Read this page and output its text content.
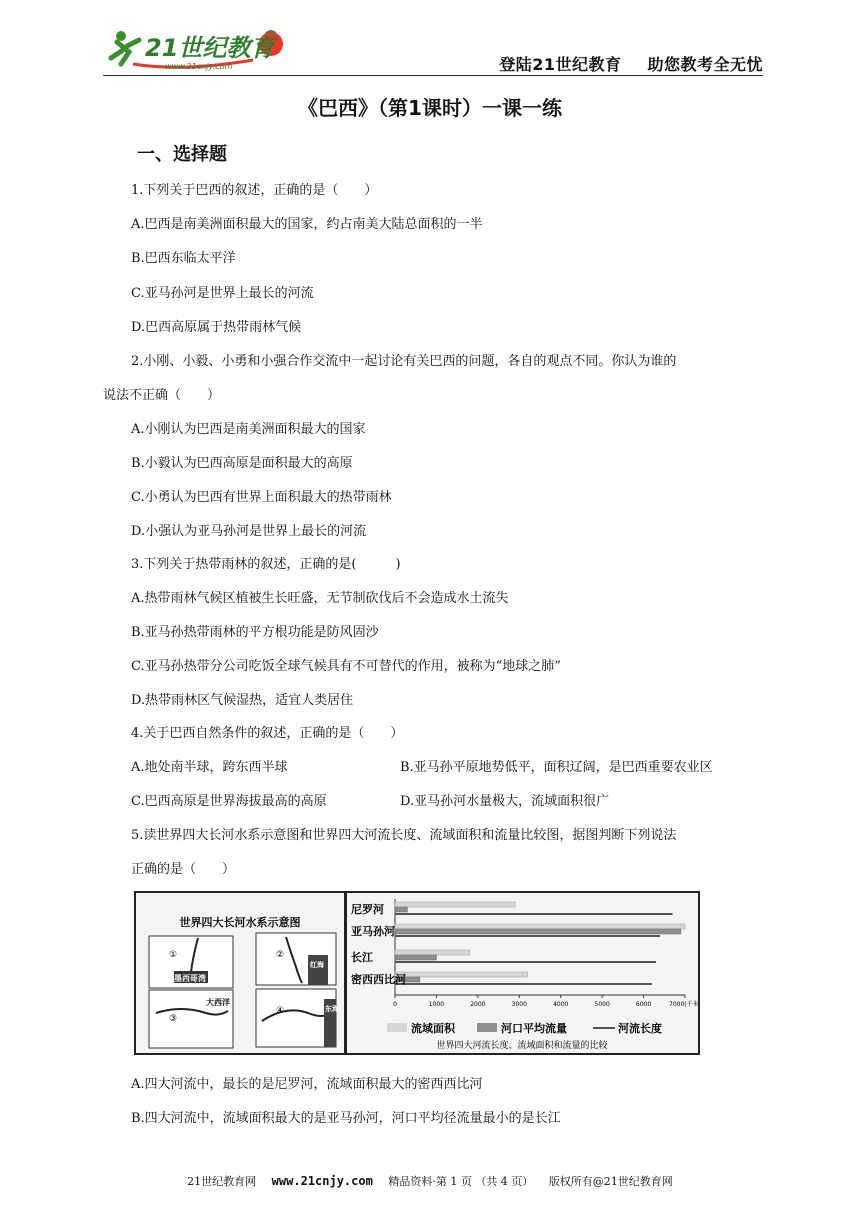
21世纪教育
www.21cnjy.com	登陆21世纪教育 助您教考全无忧
《巴西》（第1课时）一课一练
一、选择题
1.下列关于巴西的叙述，正确的是（　　）
A.巴西是南美洲面积最大的国家，约占南美大陆总面积的一半
B.巴西东临太平洋
C.亚马孙河是世界上最长的河流
D.巴西高原属于热带雨林气候
2.小刚、小毅、小勇和小强合作交流中一起讨论有关巴西的问题，各自的观点不同。你认为谁的
说法不正确（　　）
A.小刚认为巴西是南美洲面积最大的国家
B.小毅认为巴西高原是面积最大的高原
C.小勇认为巴西有世界上面积最大的热带雨林
D.小强认为亚马孙河是世界上最长的河流
3.下列关于热带雨林的叙述，正确的是(　　　)
A.热带雨林气候区植被生长旺盛，无节制砍伐后不会造成水土流失
B.亚马孙热带雨林的平方根功能是防风固沙
C.亚马孙热带分公司吃饭全球气候具有不可替代的作用，被称为“地球之肺”
D.热带雨林区气候湿热，适宜人类居住
4.关于巴西自然条件的叙述，正确的是（　　）
A.地处南半球，跨东西半球	B.亚马孙平原地势低平，面积辽阔，是巴西重要农业区
C.巴西高原是世界海拔最高的高原	D.亚马孙河水量极大，流域面积很广
5.读世界四大长河水系示意图和世界四大河流长度、流域面积和流量比较图，据图判断下列说法
正确的是（　　）
世界四大长河水系示意图
①	②
③
④
墨西哥湾
红海
大西洋
东海
尼罗河
亚马孙河
长江
密西西比河
0	1000	2000	3000	4000	5000	6000	7000(千米)
流域面积	河口平均流量	河流长度
世界四大河流长度、流域面积和流量的比较
A.四大河流中，最长的是尼罗河，流域面积最大的密西西比河
B.四大河流中，流域面积最大的是亚马孙河，河口平均径流量最小的是长江
21世纪教育网 www.21cnjy.com 精品资料·第 1 页 （共 4 页） 版权所有@21世纪教育网
